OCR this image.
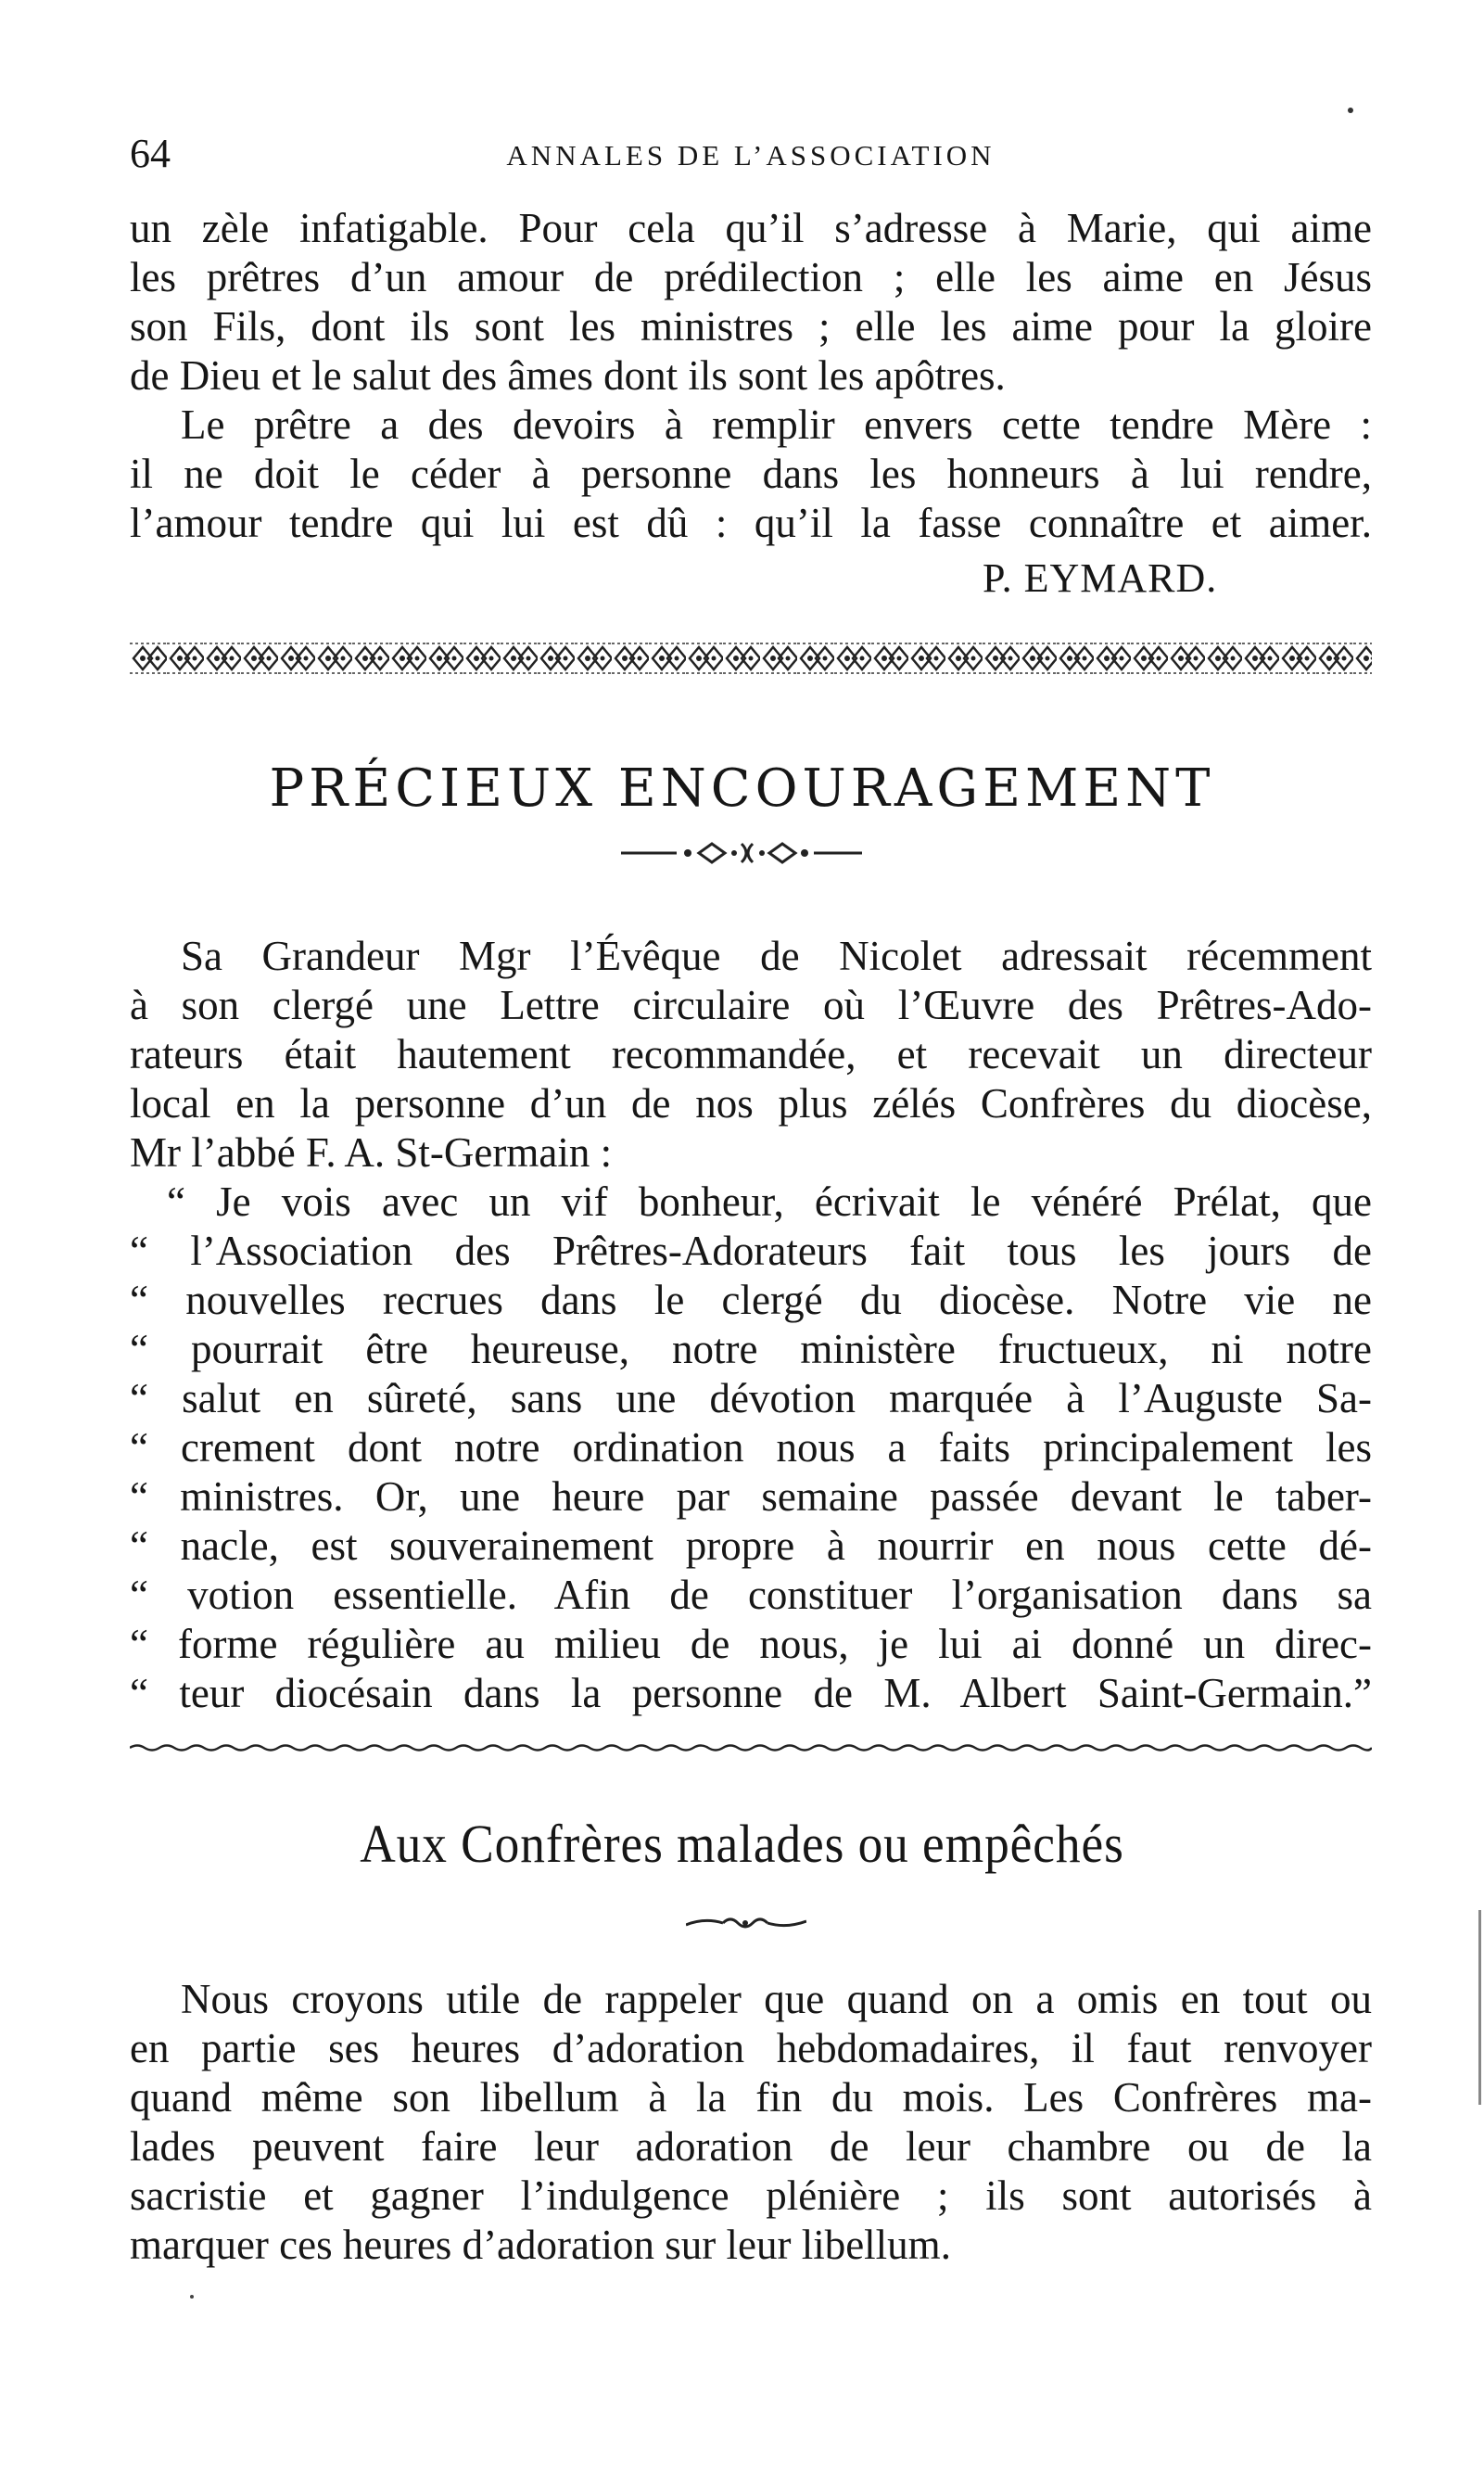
64	ANNALES DE L’ASSOCIATION
un zèle infatigable. Pour cela qu’il s’adresse à Marie, qui aime
les prêtres d’un amour de prédilection ; elle les aime en Jésus
son Fils, dont ils sont les ministres ; elle les aime pour la gloire
de Dieu et le salut des âmes dont ils sont les apôtres.
Le prêtre a des devoirs à remplir envers cette tendre Mère :
il ne doit le céder à personne dans les honneurs à lui rendre,
l’amour tendre qui lui est dû : qu’il la fasse connaître et aimer.
P. EYMARD.
PRÉCIEUX ENCOURAGEMENT
Sa Grandeur Mgr l’Évêque de Nicolet adressait récemment
à son clergé une Lettre circulaire où l’Œuvre des Prêtres-Ado-
rateurs était hautement recommandée, et recevait un directeur
local en la personne d’un de nos plus zélés Confrères du diocèse,
Mr l’abbé F. A. St-Germain :
“ Je vois avec un vif bonheur, écrivait le vénéré Prélat, que
“ l’Association des Prêtres-Adorateurs fait tous les jours de
“ nouvelles recrues dans le clergé du diocèse. Notre vie ne
“ pourrait être heureuse, notre ministère fructueux, ni notre
“ salut en sûreté, sans une dévotion marquée à l’Auguste Sa-
“ crement dont notre ordination nous a faits principalement les
“ ministres. Or, une heure par semaine passée devant le taber-
“ nacle, est souverainement propre à nourrir en nous cette dé-
“ votion essentielle. Afin de constituer l’organisation dans sa
“ forme régulière au milieu de nous, je lui ai donné un direc-
“ teur diocésain dans la personne de M. Albert Saint-Germain.”
Aux Confrères malades ou empêchés
Nous croyons utile de rappeler que quand on a omis en tout ou
en partie ses heures d’adoration hebdomadaires, il faut renvoyer
quand même son libellum à la fin du mois. Les Confrères ma-
lades peuvent faire leur adoration de leur chambre ou de la
sacristie et gagner l’indulgence plénière ; ils sont autorisés à
marquer ces heures d’adoration sur leur libellum.
